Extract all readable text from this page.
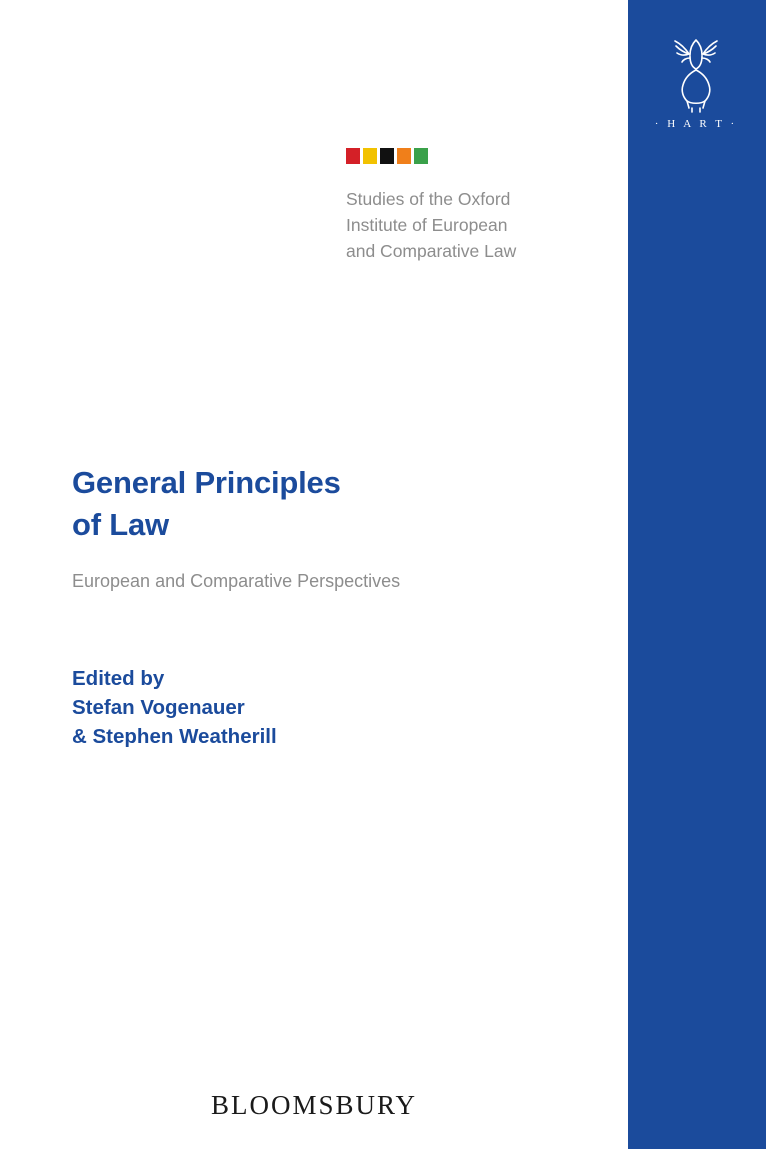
· H A R T ·
Studies of the Oxford
Institute of European
and Comparative Law
General Principles
of Law
European and Comparative Perspectives
Edited by
Stefan Vogenauer
& Stephen Weatherill
BLOOMSBURY
